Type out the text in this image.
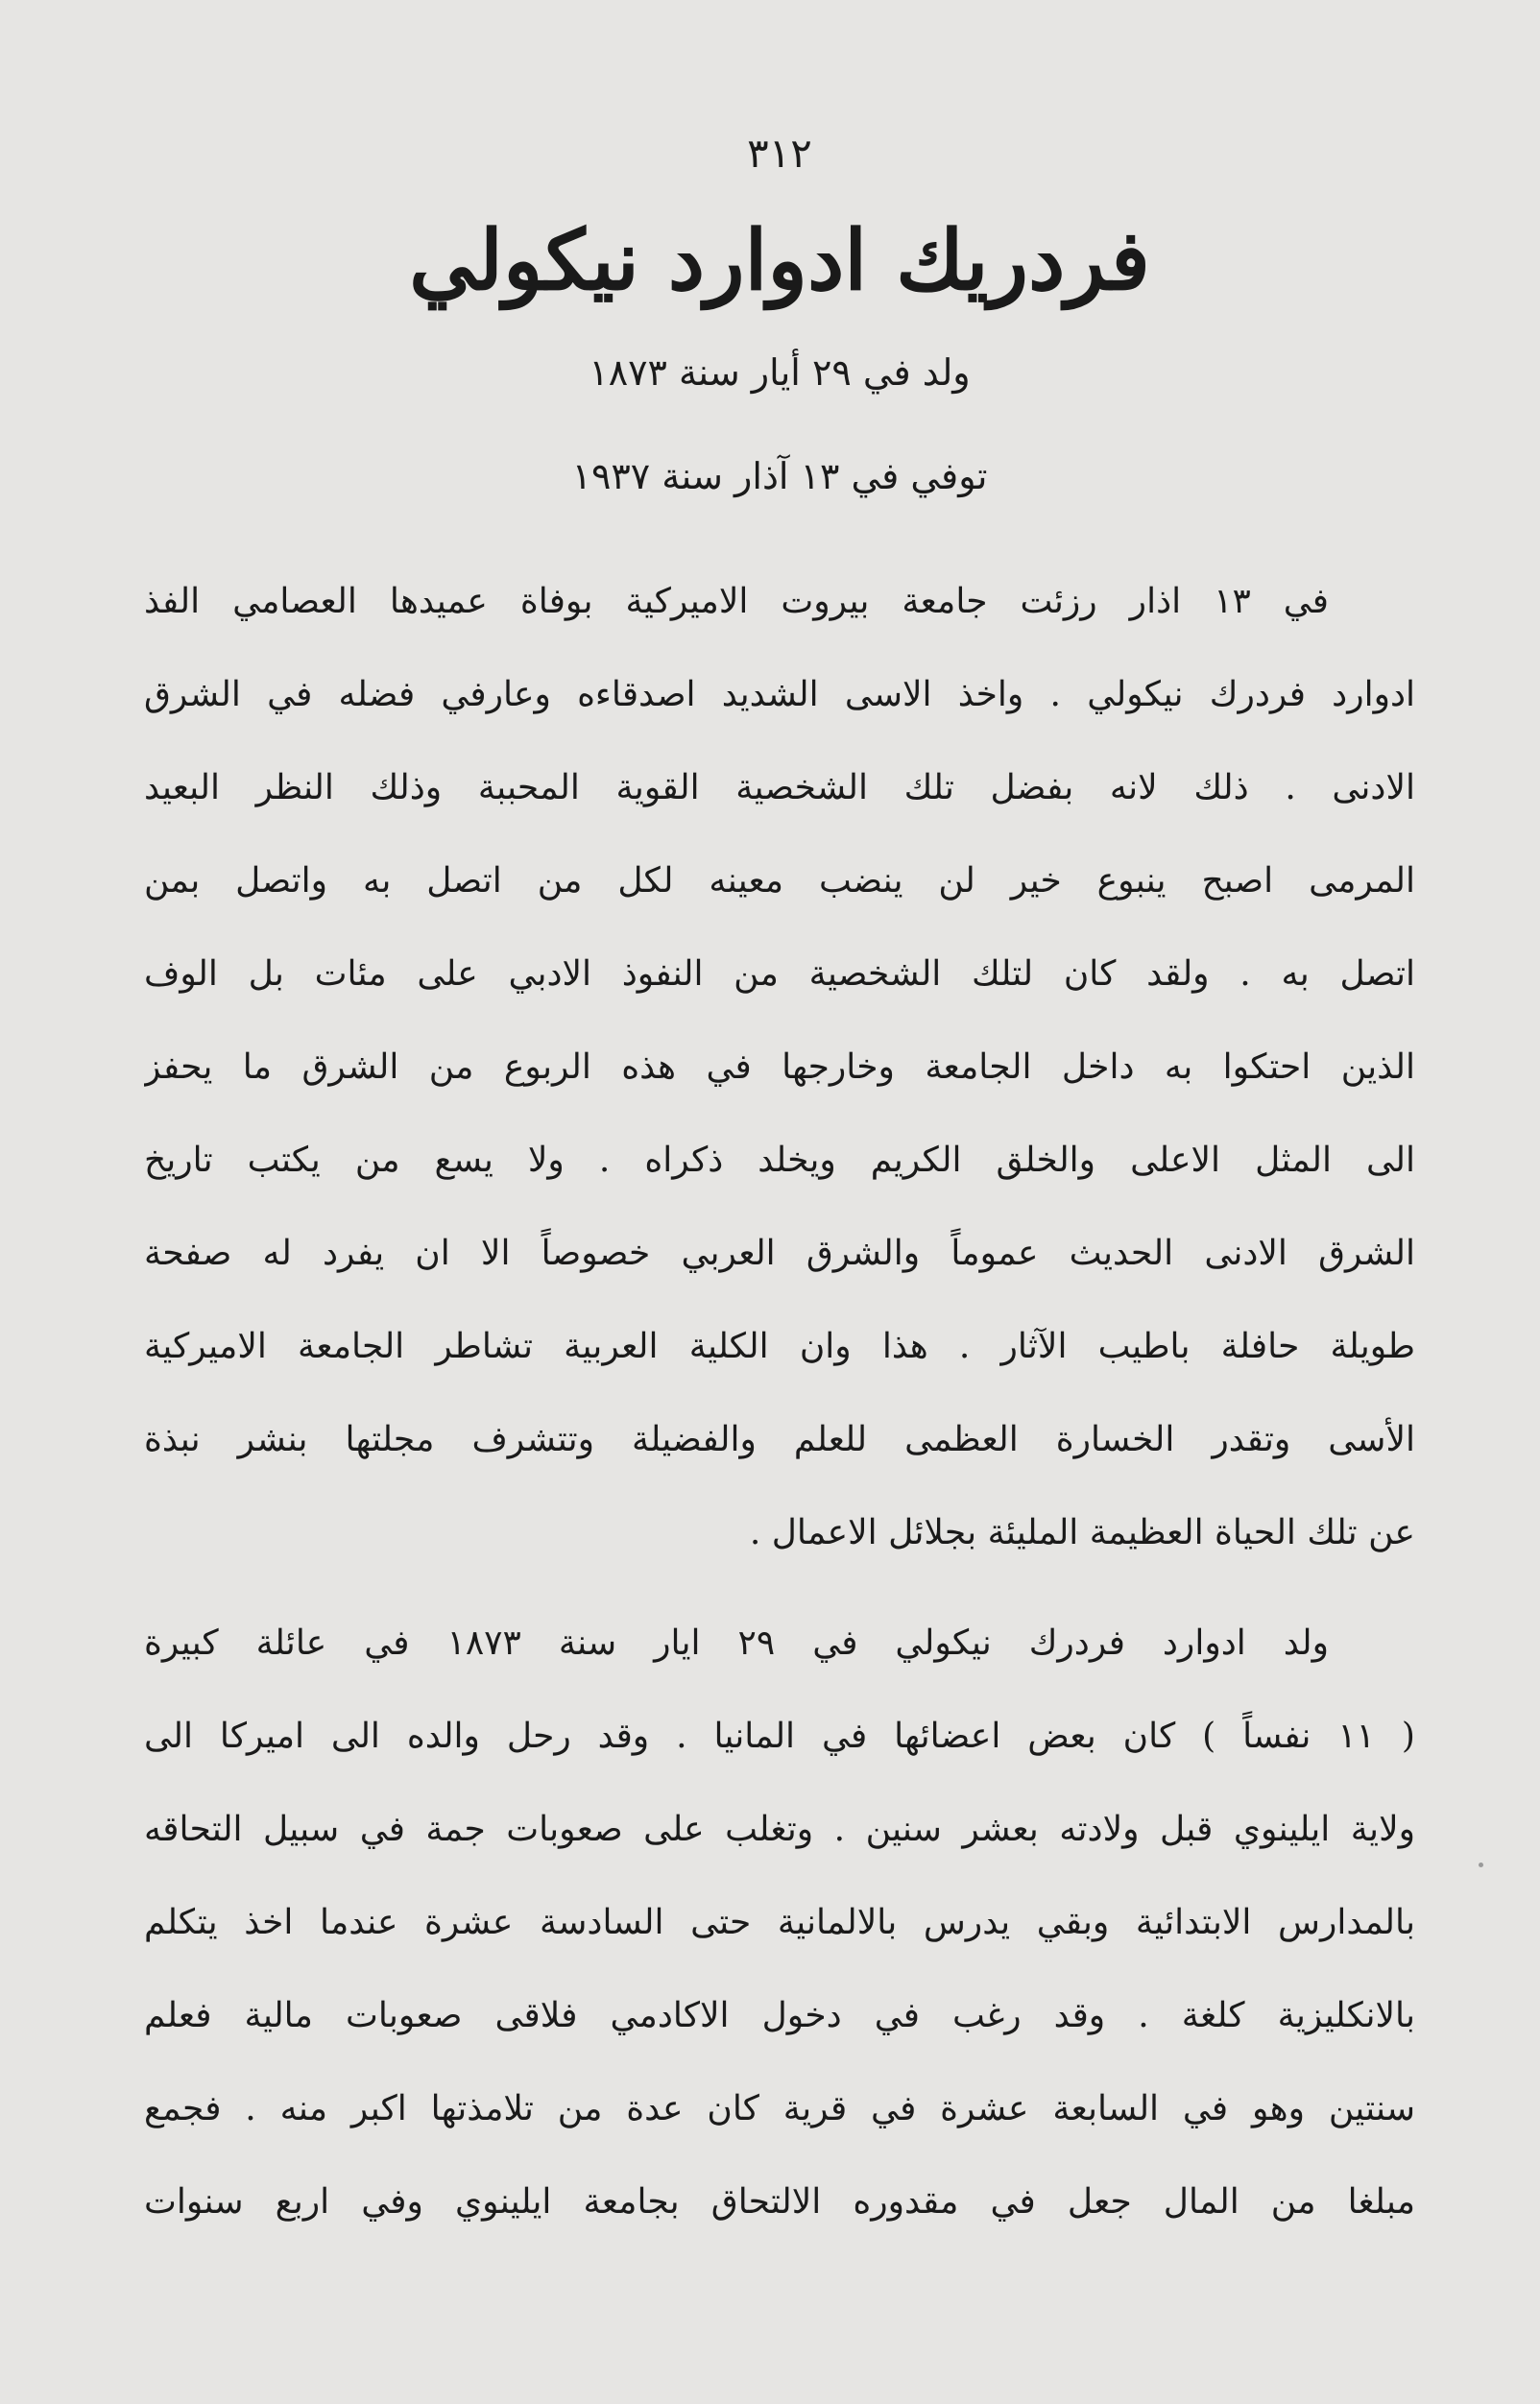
٣١٢
فردريك ادوارد نيكولي
ولد في ٢٩ أيار سنة ١٨٧٣
توفي في ١٣ آذار سنة ١٩٣٧

في ١٣ اذار رزئت جامعة بيروت الاميركية بوفاة عميدها العصامي الفذ
ادوارد فردرك نيكولي . واخذ الاسى الشديد اصدقاءه وعارفي فضله في الشرق
الادنى . ذلك لانه بفضل تلك الشخصية القوية المحببة وذلك النظر البعيد
المرمى اصبح ينبوع خير لن ينضب معينه لكل من اتصل به واتصل بمن
اتصل به . ولقد كان لتلك الشخصية من النفوذ الادبي على مئات بل الوف
الذين احتكوا به داخل الجامعة وخارجها في هذه الربوع من الشرق ما يحفز
الى المثل الاعلى والخلق الكريم ويخلد ذكراه . ولا يسع من يكتب تاريخ
الشرق الادنى الحديث عموماً والشرق العربي خصوصاً الا ان يفرد له صفحة
طويلة حافلة باطيب الآثار . هذا وان الكلية العربية تشاطر الجامعة الاميركية
الأسى وتقدر الخسارة العظمى للعلم والفضيلة وتتشرف مجلتها بنشر نبذة
عن تلك الحياة العظيمة المليئة بجلائل الاعمال .

ولد ادوارد فردرك نيكولي في ٢٩ ايار سنة ١٨٧٣ في عائلة كبيرة
( ١١ نفساً ) كان بعض اعضائها في المانيا . وقد رحل والده الى اميركا الى
ولاية ايلينوي قبل ولادته بعشر سنين . وتغلب على صعوبات جمة في سبيل التحاقه
بالمدارس الابتدائية وبقي يدرس بالالمانية حتى السادسة عشرة عندما اخذ يتكلم
بالانكليزية كلغة . وقد رغب في دخول الاكادمي فلاقى صعوبات مالية فعلم
سنتين وهو في السابعة عشرة في قرية كان عدة من تلامذتها اكبر منه . فجمع
مبلغا من المال جعل في مقدوره الالتحاق بجامعة ايلينوي وفي اربع سنوات
